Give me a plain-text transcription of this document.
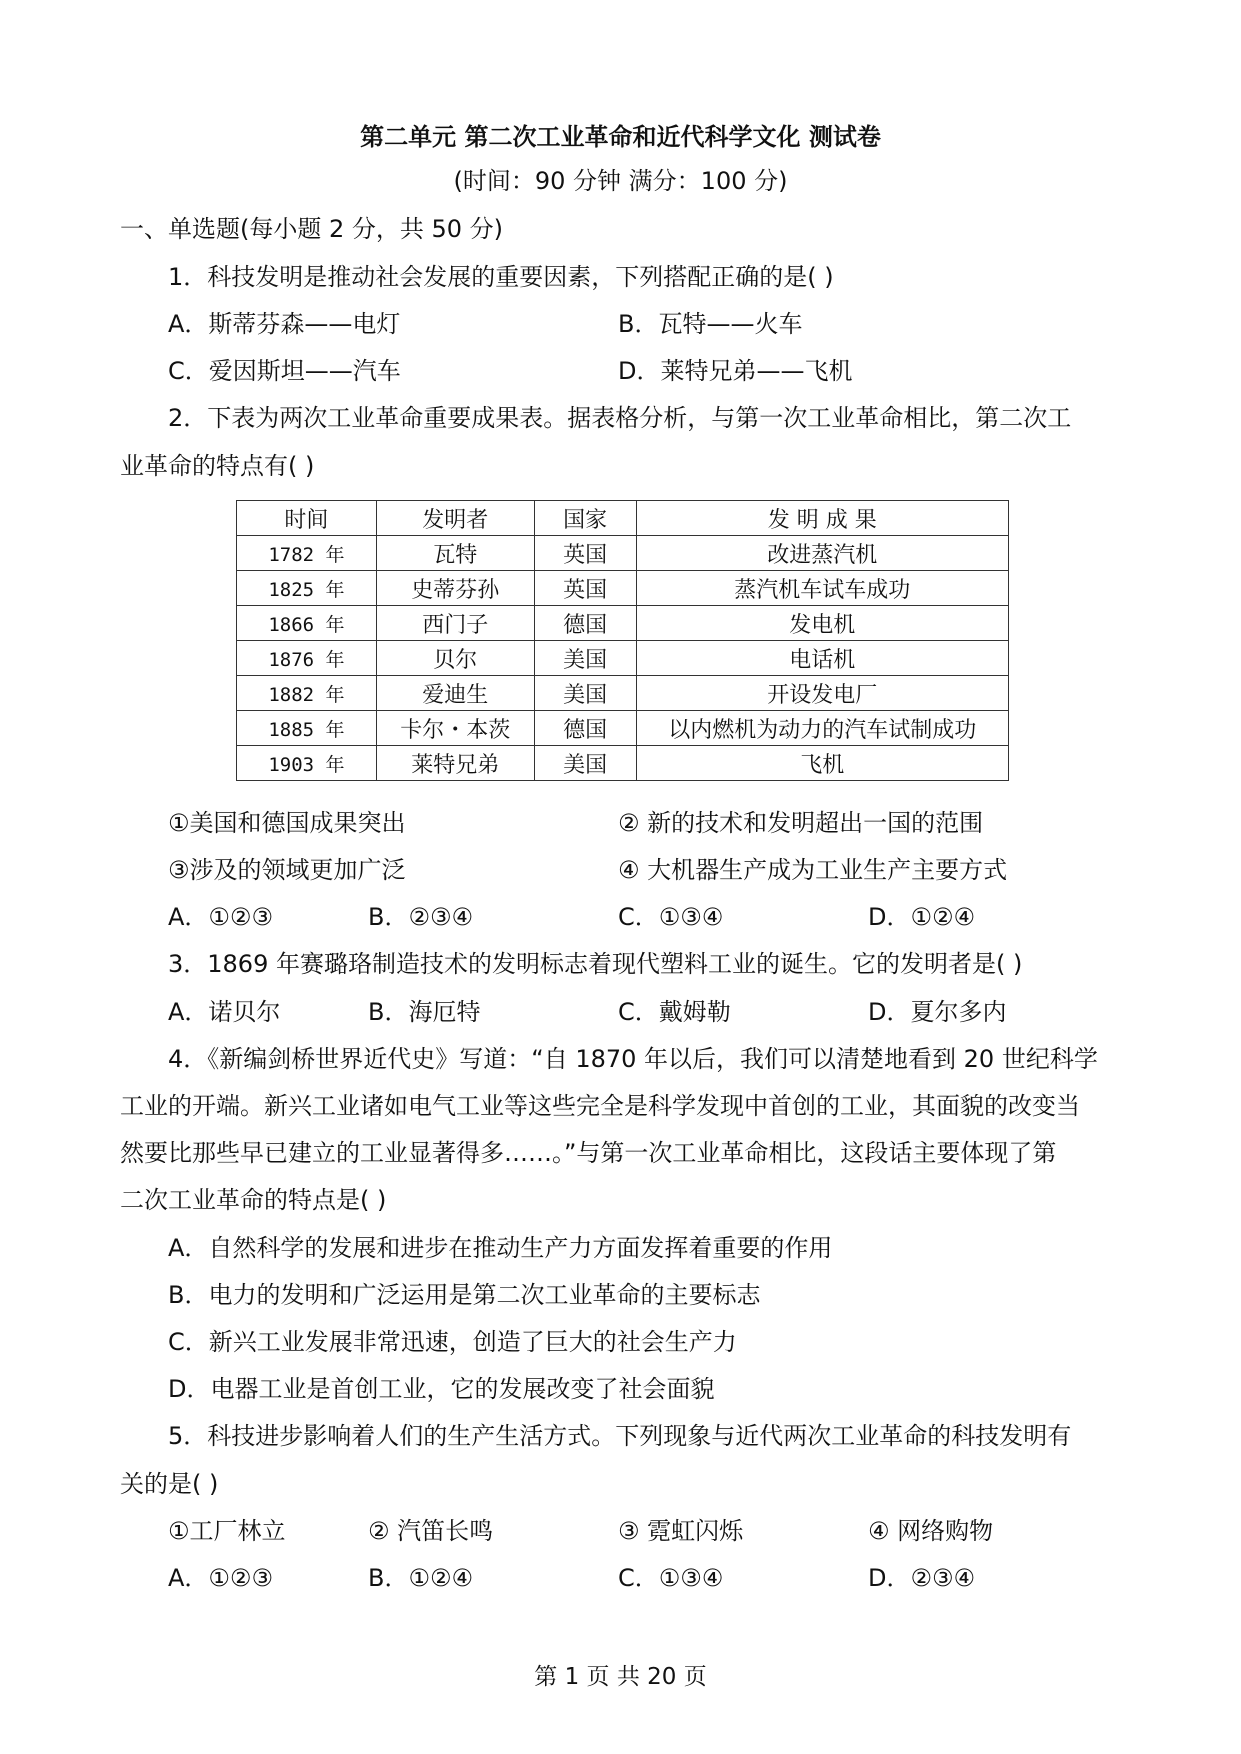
第二单元 第二次工业革命和近代科学文化 测试卷
(时间：90 分钟 满分：100 分)
一、单选题(每小题 2 分，共 50 分)
1．科技发明是推动社会发展的重要因素，下列搭配正确的是( )
A．斯蒂芬森——电灯	B．瓦特——火车
C．爱因斯坦——汽车	D．莱特兄弟——飞机
2．下表为两次工业革命重要成果表。据表格分析，与第一次工业革命相比，第二次工
业革命的特点有( )
时间	发明者	国家	发 明 成 果
1782 年	瓦特	英国	改进蒸汽机
1825 年	史蒂芬孙	英国	蒸汽机车试车成功
1866 年	西门子	德国	发电机
1876 年	贝尔	美国	电话机
1882 年	爱迪生	美国	开设发电厂
1885 年	卡尔・本茨	德国	以内燃机为动力的汽车试制成功
1903 年	莱特兄弟	美国	飞机
①美国和德国成果突出	② 新的技术和发明超出一国的范围
③涉及的领域更加广泛	④ 大机器生产成为工业生产主要方式
A．①②③	B．②③④	C．①③④	D．①②④
3．1869 年赛璐珞制造技术的发明标志着现代塑料工业的诞生。它的发明者是( )
A．诺贝尔	B．海厄特	C．戴姆勒	D．夏尔多内
4．《新编剑桥世界近代史》写道：“自 1870 年以后，我们可以清楚地看到 20 世纪科学
工业的开端。新兴工业诸如电气工业等这些完全是科学发现中首创的工业，其面貌的改变当
然要比那些早已建立的工业显著得多……。”与第一次工业革命相比，这段话主要体现了第
二次工业革命的特点是( )
A．自然科学的发展和进步在推动生产力方面发挥着重要的作用
B．电力的发明和广泛运用是第二次工业革命的主要标志
C．新兴工业发展非常迅速，创造了巨大的社会生产力
D．电器工业是首创工业，它的发展改变了社会面貌
5．科技进步影响着人们的生产生活方式。下列现象与近代两次工业革命的科技发明有
关的是( )
①工厂林立	② 汽笛长鸣	③ 霓虹闪烁	④ 网络购物
A．①②③	B．①②④	C．①③④	D．②③④
第 1 页 共 20 页
